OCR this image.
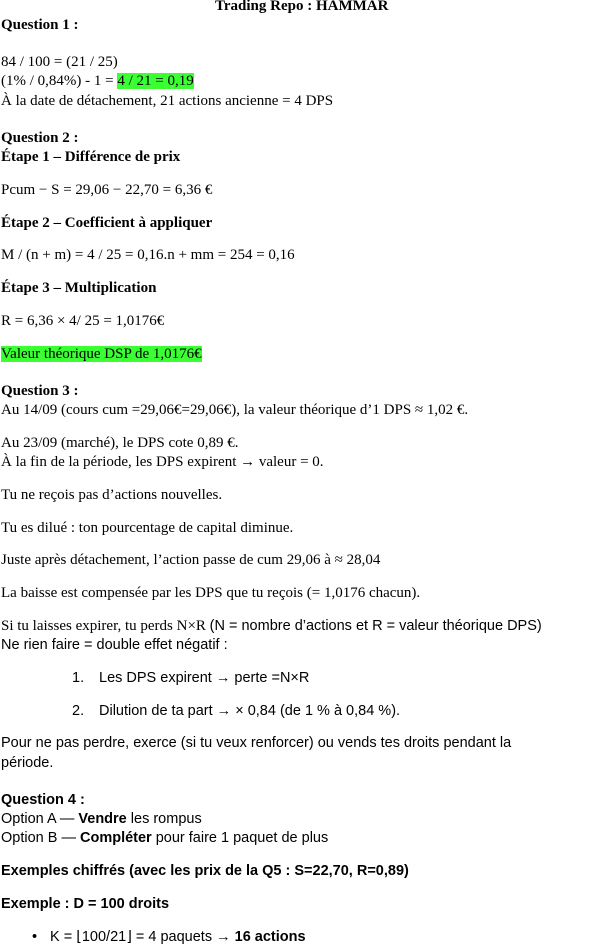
Trading Repo : HAMMAR
Question 1 :
84 / 100 = (21 / 25)
(1% / 0,84%) - 1 = 4 / 21 = 0,19
À la date de détachement, 21 actions ancienne = 4 DPS
Question 2 :
Étape 1 – Différence de prix
Pcum − S = 29,06 − 22,70 = 6,36 €
Étape 2 – Coefficient à appliquer
M / (n + m) = 4 / 25 = 0,16.n + mm = 254 = 0,16
Étape 3 – Multiplication
R = 6,36 × 4/ 25 = 1,0176€
Valeur théorique DSP de 1,0176€
Question 3 :
Au 14/09 (cours cum =29,06€=29,06€), la valeur théorique d’1 DPS ≈ 1,02 €.
Au 23/09 (marché), le DPS cote 0,89 €.
À la fin de la période, les DPS expirent → valeur = 0.
Tu ne reçois pas d’actions nouvelles.
Tu es dilué : ton pourcentage de capital diminue.
Juste après détachement, l’action passe de cum 29,06 à ≈ 28,04
La baisse est compensée par les DPS que tu reçois (= 1,0176 chacun).
Si tu laisses expirer, tu perds N×R (N = nombre d’actions et R = valeur théorique DPS)
Ne rien faire = double effet négatif :
1. Les DPS expirent → perte =N×R
2. Dilution de ta part → × 0,84 (de 1 % à 0,84 %).
Pour ne pas perdre, exerce (si tu veux renforcer) ou vends tes droits pendant la
période.
Question 4 :
Option A — Vendre les rompus
Option B — Compléter pour faire 1 paquet de plus
Exemples chiffrés (avec les prix de la Q5 : S=22,70, R=0,89)
Exemple : D = 100 droits
• K = ⌊100/21⌋ = 4 paquets → 16 actions
